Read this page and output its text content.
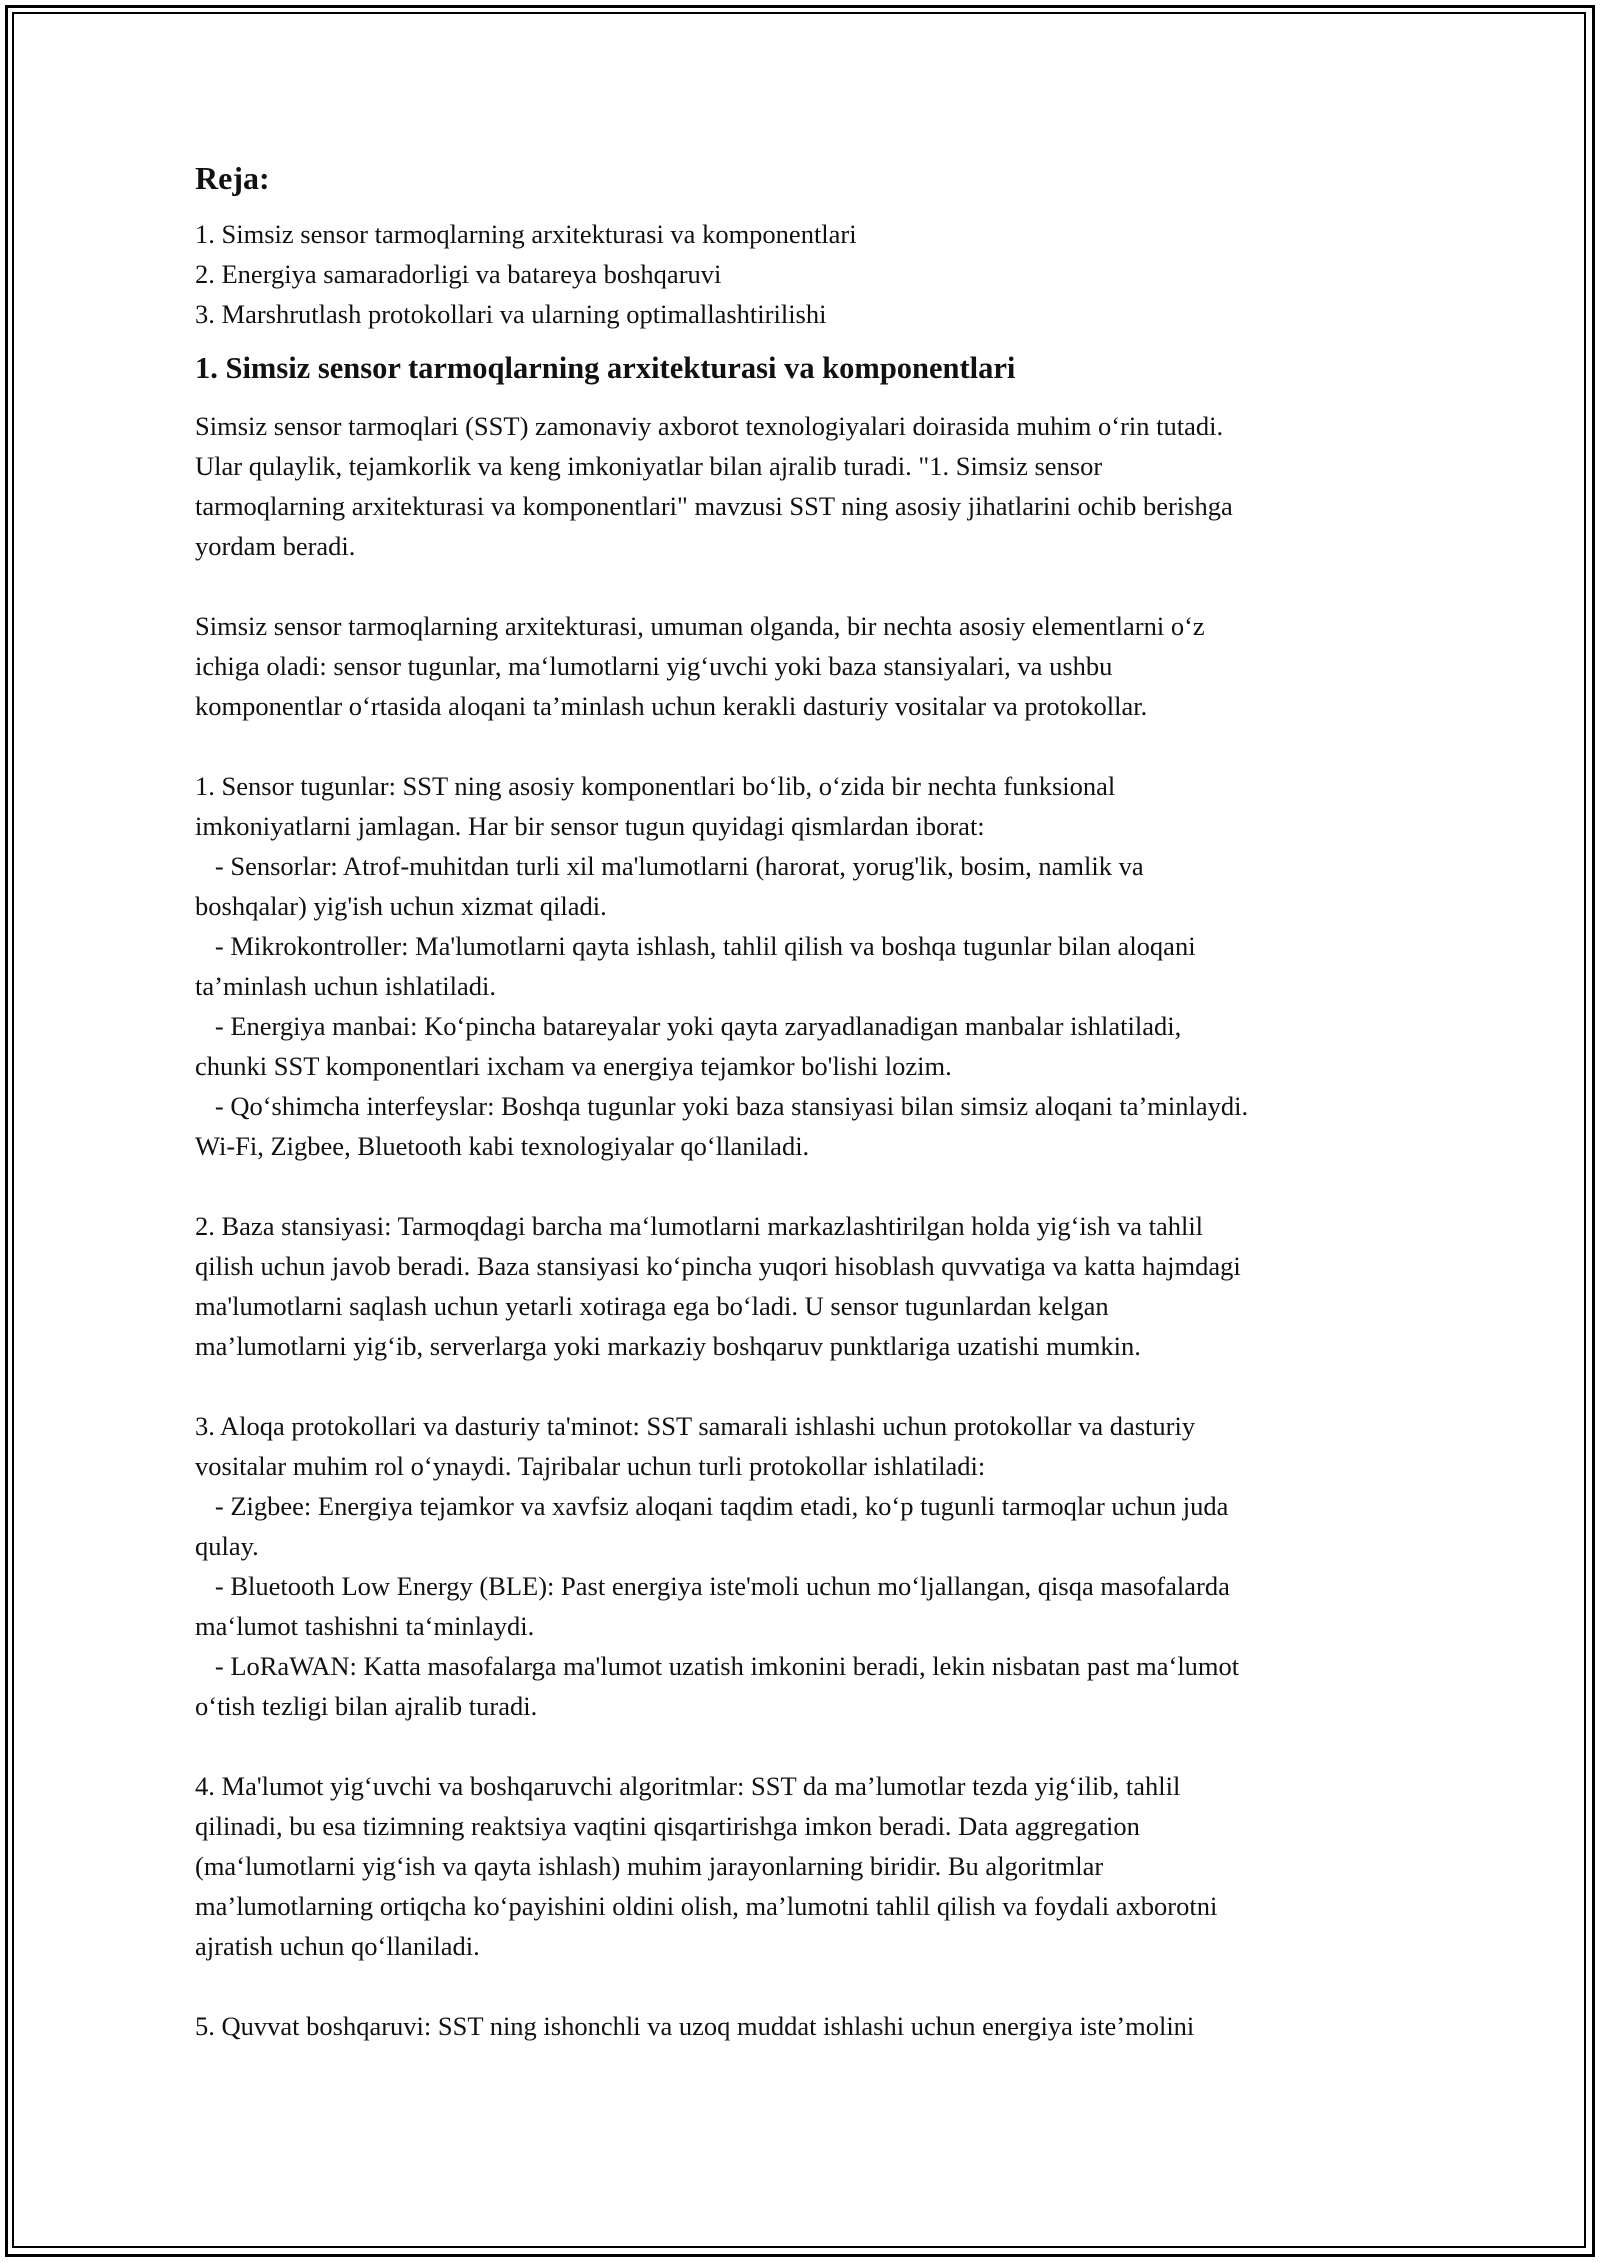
Reja:
1. Simsiz sensor tarmoqlarning arxitekturasi va komponentlari
2. Energiya samaradorligi va batareya boshqaruvi
3. Marshrutlash protokollari va ularning optimallashtirilishi
1. Simsiz sensor tarmoqlarning arxitekturasi va komponentlari
Simsiz sensor tarmoqlari (SST) zamonaviy axborot texnologiyalari doirasida muhim oʻrin tutadi.
Ular qulaylik, tejamkorlik va keng imkoniyatlar bilan ajralib turadi. "1. Simsiz sensor
tarmoqlarning arxitekturasi va komponentlari" mavzusi SST ning asosiy jihatlarini ochib berishga
yordam beradi.
Simsiz sensor tarmoqlarning arxitekturasi, umuman olganda, bir nechta asosiy elementlarni oʻz
ichiga oladi: sensor tugunlar, maʻlumotlarni yigʻuvchi yoki baza stansiyalari, va ushbu
komponentlar oʻrtasida aloqani taʼminlash uchun kerakli dasturiy vositalar va protokollar.
1. Sensor tugunlar: SST ning asosiy komponentlari boʻlib, oʻzida bir nechta funksional
imkoniyatlarni jamlagan. Har bir sensor tugun quyidagi qismlardan iborat:
- Sensorlar: Atrof-muhitdan turli xil ma'lumotlarni (harorat, yorug'lik, bosim, namlik va
boshqalar) yig'ish uchun xizmat qiladi.
- Mikrokontroller: Ma'lumotlarni qayta ishlash, tahlil qilish va boshqa tugunlar bilan aloqani
taʼminlash uchun ishlatiladi.
- Energiya manbai: Koʻpincha batareyalar yoki qayta zaryadlanadigan manbalar ishlatiladi,
chunki SST komponentlari ixcham va energiya tejamkor bo'lishi lozim.
- Qoʻshimcha interfeyslar: Boshqa tugunlar yoki baza stansiyasi bilan simsiz aloqani taʼminlaydi.
Wi-Fi, Zigbee, Bluetooth kabi texnologiyalar qoʻllaniladi.
2. Baza stansiyasi: Tarmoqdagi barcha maʻlumotlarni markazlashtirilgan holda yigʻish va tahlil
qilish uchun javob beradi. Baza stansiyasi koʻpincha yuqori hisoblash quvvatiga va katta hajmdagi
ma'lumotlarni saqlash uchun yetarli xotiraga ega boʻladi. U sensor tugunlardan kelgan
maʼlumotlarni yigʻib, serverlarga yoki markaziy boshqaruv punktlariga uzatishi mumkin.
3. Aloqa protokollari va dasturiy ta'minot: SST samarali ishlashi uchun protokollar va dasturiy
vositalar muhim rol oʻynaydi. Tajribalar uchun turli protokollar ishlatiladi:
- Zigbee: Energiya tejamkor va xavfsiz aloqani taqdim etadi, koʻp tugunli tarmoqlar uchun juda
qulay.
- Bluetooth Low Energy (BLE): Past energiya iste'moli uchun moʻljallangan, qisqa masofalarda
maʻlumot tashishni taʻminlaydi.
- LoRaWAN: Katta masofalarga ma'lumot uzatish imkonini beradi, lekin nisbatan past maʻlumot
oʻtish tezligi bilan ajralib turadi.
4. Ma'lumot yigʻuvchi va boshqaruvchi algoritmlar: SST da maʼlumotlar tezda yigʻilib, tahlil
qilinadi, bu esa tizimning reaktsiya vaqtini qisqartirishga imkon beradi. Data aggregation
(maʻlumotlarni yigʻish va qayta ishlash) muhim jarayonlarning biridir. Bu algoritmlar
maʼlumotlarning ortiqcha koʻpayishini oldini olish, maʼlumotni tahlil qilish va foydali axborotni
ajratish uchun qoʻllaniladi.
5. Quvvat boshqaruvi: SST ning ishonchli va uzoq muddat ishlashi uchun energiya isteʼmolini
